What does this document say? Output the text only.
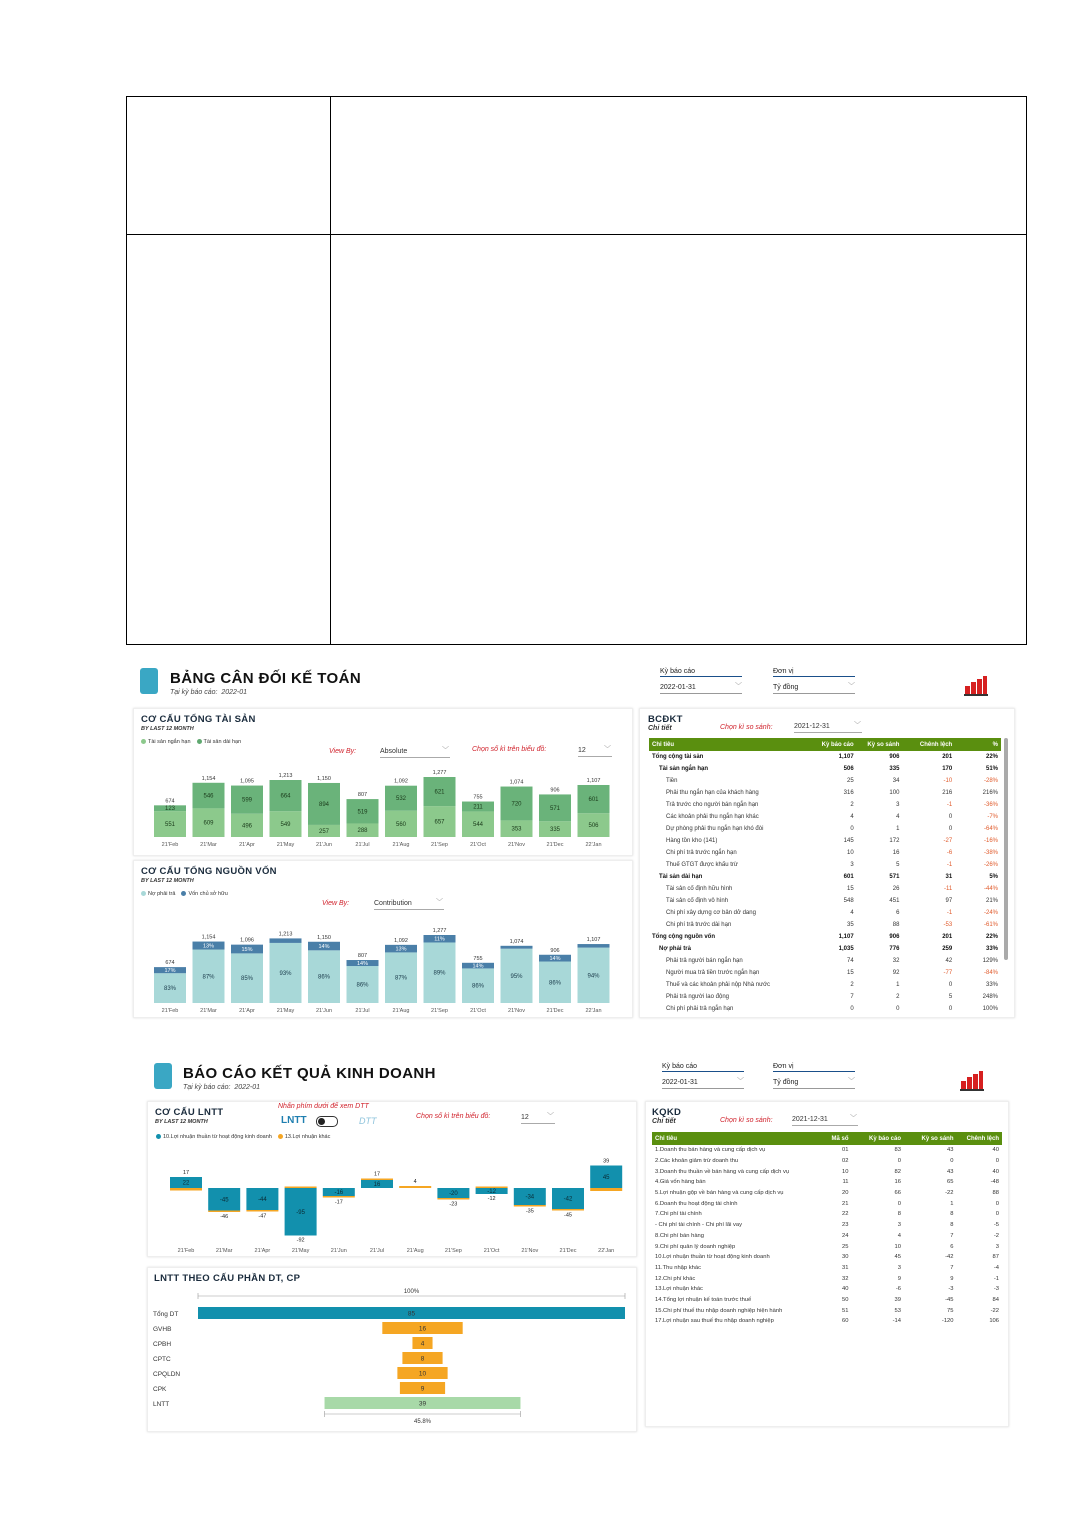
BẢNG CÂN ĐỐI KẾ TOÁN
Tại kỳ báo cáo: 2022-01
Kỳ báo cáo
2022-01-31	﹀
Đơn vị
Tỷ đồng	﹀
CƠ CẤU TỔNG TÀI SẢN
BY LAST 12 MONTH
Tài sản ngắn hạn	Tài sản dài hạn
View By:	Absolute	﹀	Chọn số kì trên biểu đồ:	12	﹀
551
123
674
21'Feb
609
546
1,154
21'Mar
496
599
1,095
21'Apr
549
664
1,213
21'May
257
894
1,150
21'Jun
288
519
807
21'Jul
560
532
1,092
21'Aug
657
621
1,277
21'Sep
544
211
755
21'Oct
353
720
1,074
21'Nov
335
571
906
21'Dec
506
601
1,107
22'Jan
CƠ CẤU TỔNG NGUỒN VỐN
BY LAST 12 MONTH
Nợ phải trả	Vốn chủ sở hữu
View By:	Contribution	﹀
83%
17%
674
21'Feb
87%
13%
1,154
21'Mar
85%
15%
1,096
21'Apr
93%
1,213
21'May
86%
14%
1,150
21'Jun
86%
14%
807
21'Jul
87%
13%
1,092
21'Aug
89%
11%
1,277
21'Sep
86%
14%
755
21'Oct
95%
1,074
21'Nov
86%
14%
906
21'Dec
94%
1,107
22'Jan
BCĐKT
Chi tiết	Chọn kì so sánh:	2021-12-31	﹀
Chỉ tiêu	Kỳ báo cáo	Kỳ so sánh	Chênh lệch	%
Tổng cộng tài sản	1,107	906	201	22%
Tài sản ngắn hạn	506	335	170	51%
Tiền	25	34	-10	-28%
Phải thu ngắn hạn của khách hàng	316	100	216	216%
Trả trước cho người bán ngắn hạn	2	3	-1	-36%
Các khoản phải thu ngắn hạn khác	4	4	0	-7%
Dự phòng phải thu ngắn hạn khó đòi	0	1	0	-64%
Hàng tồn kho (141)	145	172	-27	-16%
Chi phí trả trước ngắn hạn	10	16	-6	-38%
Thuế GTGT được khấu trừ	3	5	-1	-26%
Tài sản dài hạn	601	571	31	5%
Tài sản cố định hữu hình	15	26	-11	-44%
Tài sản cố định vô hình	548	451	97	21%
Chi phí xây dựng cơ bản dở dang	4	6	-1	-24%
Chi phí trả trước dài hạn	35	88	-53	-61%
Tổng cộng nguồn vốn	1,107	906	201	22%
Nợ phải trả	1,035	776	259	33%
Phải trả người bán ngắn hạn	74	32	42	129%
Người mua trả tiền trước ngắn hạn	15	92	-77	-84%
Thuế và các khoản phải nộp Nhà nước	2	1	0	33%
Phải trả người lao động	7	2	5	248%
Chi phí phải trả ngắn hạn	0	0	0	100%
BÁO CÁO KẾT QUẢ KINH DOANH
Tại kỳ báo cáo: 2022-01
Kỳ báo cáo
2022-01-31	﹀
Đơn vị
Tỷ đồng	﹀
CƠ CẤU LNTT
BY LAST 12 MONTH
Nhấn phím dưới để xem DTT
LNTT	DTT	Chọn số kì trên biểu đồ:	12	﹀
10.Lợi nhuận thuần từ hoạt động kinh doanh	13.Lợi nhuận khác
22
17
21'Feb
-45
-46
21'Mar
-44
-47
21'Apr
-95
-92
21'May
-16
-17
21'Jun
16
17
21'Jul
4
21'Aug
-20
-23
21'Sep
-12
-12
21'Oct
-34
-35
21'Nov
-42
-45
21'Dec
45
39
22'Jan
LNTT THEO CẤU PHẦN DT, CP
100%
Tổng DT	85
GVHB	16
CPBH	4
CPTC	8
CPQLDN	10
CPK	9
LNTT	39
45.8%
KQKD
Chi tiết	Chọn kì so sánh:	2021-12-31	﹀
Chỉ tiêu	Mã số	Kỳ báo cáo	Kỳ so sánh	Chênh lệch
1.Doanh thu bán hàng và cung cấp dịch vụ	01	83	43	40
2.Các khoản giảm trừ doanh thu	02	0	0	0
3.Doanh thu thuần về bán hàng và cung cấp dịch vụ	10	82	43	40
4.Giá vốn hàng bán	11	16	65	-48
5.Lợi nhuận gộp về bán hàng và cung cấp dịch vụ	20	66	-22	88
6.Doanh thu hoạt động tài chính	21	0	1	0
7.Chi phí tài chính	22	8	8	0
- Chi phí tài chính - Chi phí lãi vay	23	3	8	-5
8.Chi phí bán hàng	24	4	7	-2
9.Chi phí quản lý doanh nghiệp	25	10	6	3
10.Lợi nhuận thuần từ hoạt động kinh doanh	30	45	-42	87
11.Thu nhập khác	31	3	7	-4
12.Chi phí khác	32	9	9	-1
13.Lợi nhuận khác	40	-6	-3	-3
14.Tổng lợi nhuận kế toán trước thuế	50	39	-45	84
15.Chi phí thuế thu nhập doanh nghiệp hiện hành	51	53	75	-22
17.Lợi nhuận sau thuế thu nhập doanh nghiệp	60	-14	-120	106
